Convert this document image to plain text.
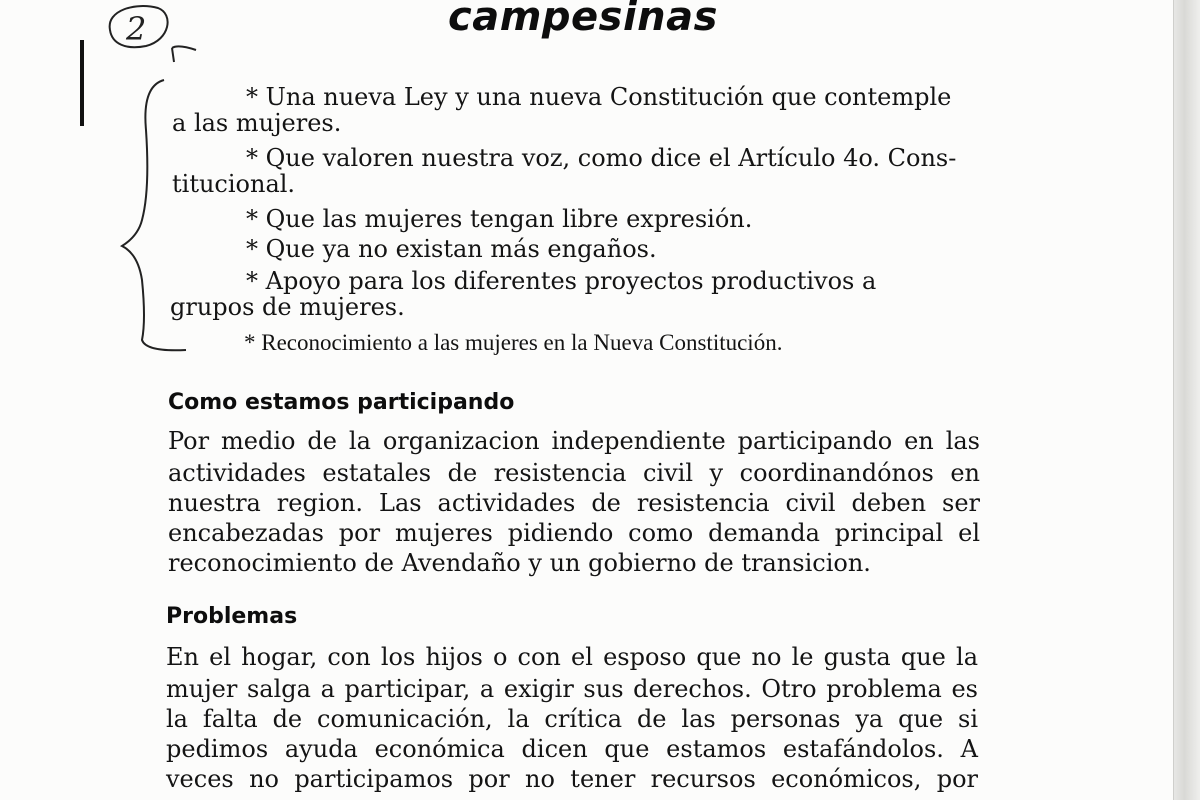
2	campesinas
* Una nueva Ley y una nueva Constitución que contemple
a las mujeres.
* Que valoren nuestra voz, como dice el Artículo 4o. Cons-
titucional.
* Que las mujeres tengan libre expresión.
* Que ya no existan más engaños.
* Apoyo para los diferentes proyectos productivos a
grupos de mujeres.
* Reconocimiento a las mujeres en la Nueva Constitución.
Como estamos participando
Por medio de la organizacion independiente participando en las
actividades estatales de resistencia civil y coordinandónos en
nuestra region. Las actividades de resistencia civil deben ser
encabezadas por mujeres pidiendo como demanda principal el
reconocimiento de Avendaño y un gobierno de transicion.
Problemas
En el hogar, con los hijos o con el esposo que no le gusta que la
mujer salga a participar, a exigir sus derechos. Otro problema es
la falta de comunicación, la crítica de las personas ya que si
pedimos ayuda económica dicen que estamos estafándolos. A
veces no participamos por no tener recursos económicos, por
